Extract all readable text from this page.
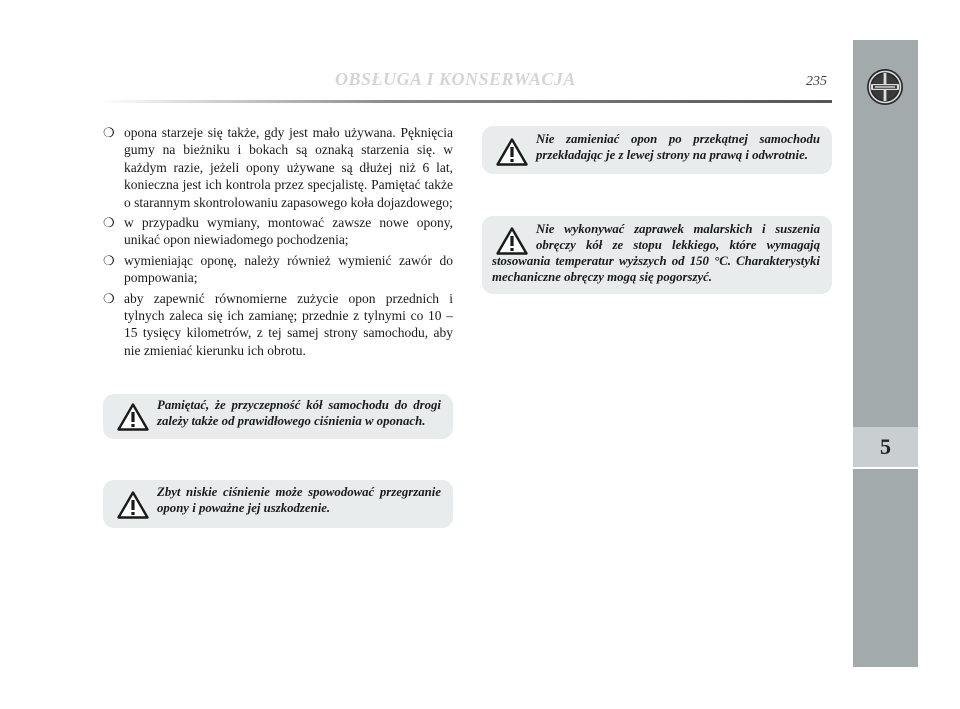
5
OBSŁUGA I KONSERWACJA	235
❍ opona starzeje się także, gdy jest mało używana. Pęknięcia gumy na bieżniku i bokach są oznaką starzenia się. w każdym razie, jeżeli opony używane są dłużej niż 6 lat, konieczna jest ich kontrola przez specjalistę. Pamiętać także o starannym skontrolowaniu zapasowego koła dojazdowego;
❍ w przypadku wymiany, montować zawsze nowe opony, unikać opon niewiadomego pochodzenia;
❍ wymieniając oponę, należy również wymienić zawór do pompowania;
❍ aby zapewnić równomierne zużycie opon przednich i tylnych zaleca się ich zamianę; przednie z tylnymi co 10 – 15 tysięcy kilometrów, z tej samej strony samochodu, aby nie zmieniać kierunku ich obrotu.
Pamiętać, że przyczepność kół samochodu do drogi zależy także od prawidłowego ciśnienia w oponach.
Zbyt niskie ciśnienie może spowodować przegrzanie opony i poważne jej uszkodzenie.
Nie zamieniać opon po przekątnej samochodu przekładając je z lewej strony na prawą i odwrotnie.
Nie wykonywać zaprawek malarskich i suszenia obręczy kół ze stopu lekkiego, które wymagają stosowania temperatur wyższych od 150 °C. Charakterystyki mechaniczne obręczy mogą się pogorszyć.
